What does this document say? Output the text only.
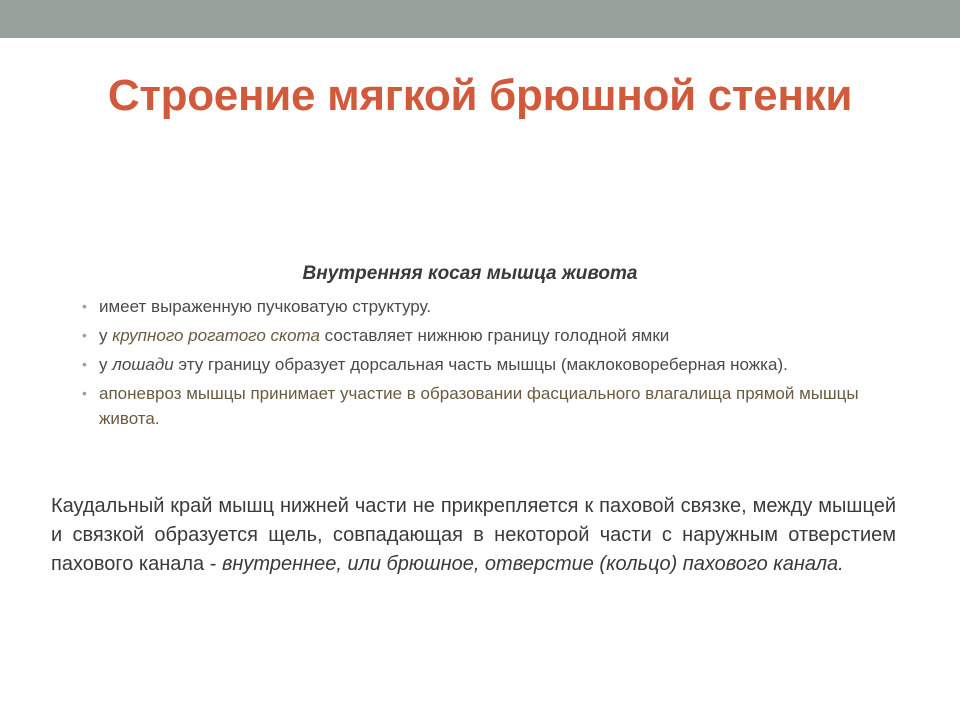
Строение мягкой брюшной стенки
Внутренняя косая мышца живота
• имеет выраженную пучковатую структуру.
• у крупного рогатого скота составляет нижнюю границу голодной ямки
• у лошади эту границу образует дорсальная часть мышцы (маклоковореберная ножка).
• апоневроз мышцы принимает участие в образовании фасциального влагалища прямой мышцы живота.

Каудальный край мышц нижней части не прикрепляется к паховой связке, между мышцей и связкой образуется щель, совпадающая в некоторой части с наружным отверстием пахового канала - внутреннее, или брюшное, отверстие (кольцо) пахового канала.
